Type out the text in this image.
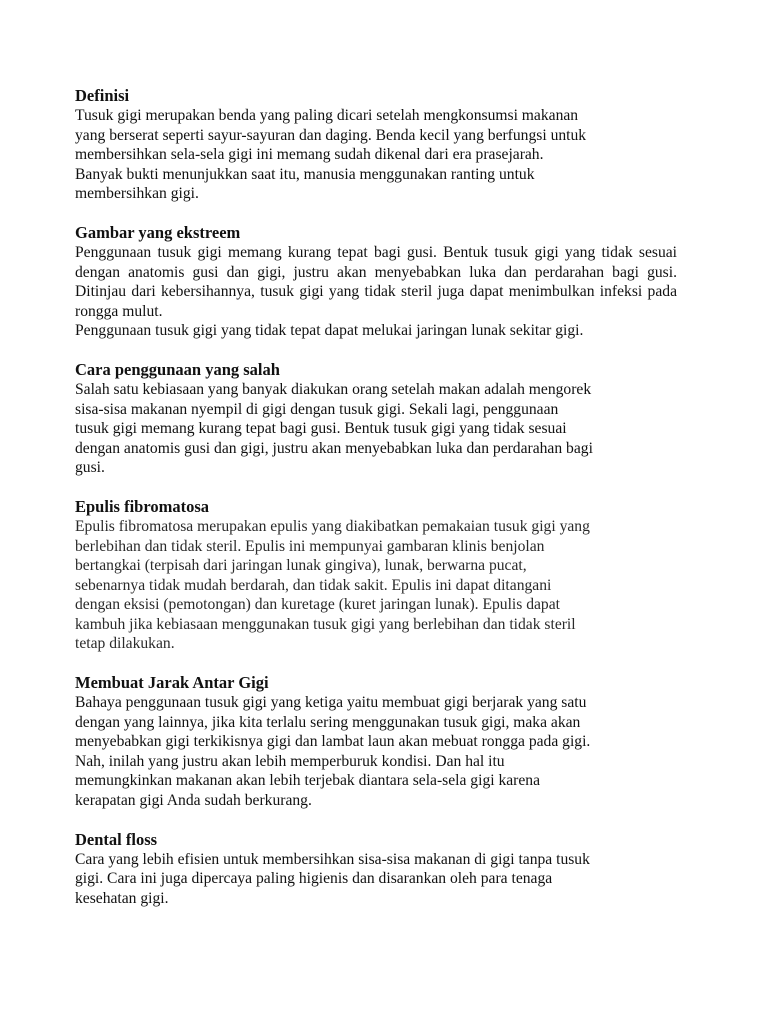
Definisi

Tusuk gigi merupakan benda yang paling dicari setelah mengkonsumsi makanan
yang berserat seperti sayur-sayuran dan daging. Benda kecil yang berfungsi untuk
membersihkan sela-sela gigi ini memang sudah dikenal dari era prasejarah.
Banyak bukti menunjukkan saat itu, manusia menggunakan ranting untuk
membersihkan gigi.

Gambar yang ekstreem

Penggunaan tusuk gigi memang kurang tepat bagi gusi. Bentuk tusuk gigi yang tidak sesuai dengan anatomis gusi dan gigi, justru akan menyebabkan luka dan perdarahan bagi gusi. Ditinjau dari kebersihannya, tusuk gigi yang tidak steril juga dapat menimbulkan infeksi pada rongga mulut.

Penggunaan tusuk gigi yang tidak tepat dapat melukai jaringan lunak sekitar gigi.

Cara penggunaan yang salah

Salah satu kebiasaan yang banyak diakukan orang setelah makan adalah mengorek
sisa-sisa makanan nyempil di gigi dengan tusuk gigi. Sekali lagi, penggunaan
tusuk gigi memang kurang tepat bagi gusi. Bentuk tusuk gigi yang tidak sesuai
dengan anatomis gusi dan gigi, justru akan menyebabkan luka dan perdarahan bagi
gusi.

Epulis fibromatosa

Epulis fibromatosa merupakan epulis yang diakibatkan pemakaian tusuk gigi yang
berlebihan dan tidak steril. Epulis ini mempunyai gambaran klinis benjolan
bertangkai (terpisah dari jaringan lunak gingiva), lunak, berwarna pucat,
sebenarnya tidak mudah berdarah, dan tidak sakit. Epulis ini dapat ditangani
dengan eksisi (pemotongan) dan kuretage (kuret jaringan lunak). Epulis dapat
kambuh jika kebiasaan menggunakan tusuk gigi yang berlebihan dan tidak steril
tetap dilakukan.

Membuat Jarak Antar Gigi

Bahaya penggunaan tusuk gigi yang ketiga yaitu membuat gigi berjarak yang satu
dengan yang lainnya, jika kita terlalu sering menggunakan tusuk gigi, maka akan
menyebabkan gigi terkikisnya gigi dan lambat laun akan mebuat rongga pada gigi.
Nah, inilah yang justru akan lebih memperburuk kondisi. Dan hal itu
memungkinkan makanan akan lebih terjebak diantara sela-sela gigi karena
kerapatan gigi Anda sudah berkurang.

Dental floss

Cara yang lebih efisien untuk membersihkan sisa-sisa makanan di gigi tanpa tusuk
gigi. Cara ini juga dipercaya paling higienis dan disarankan oleh para tenaga
kesehatan gigi.
